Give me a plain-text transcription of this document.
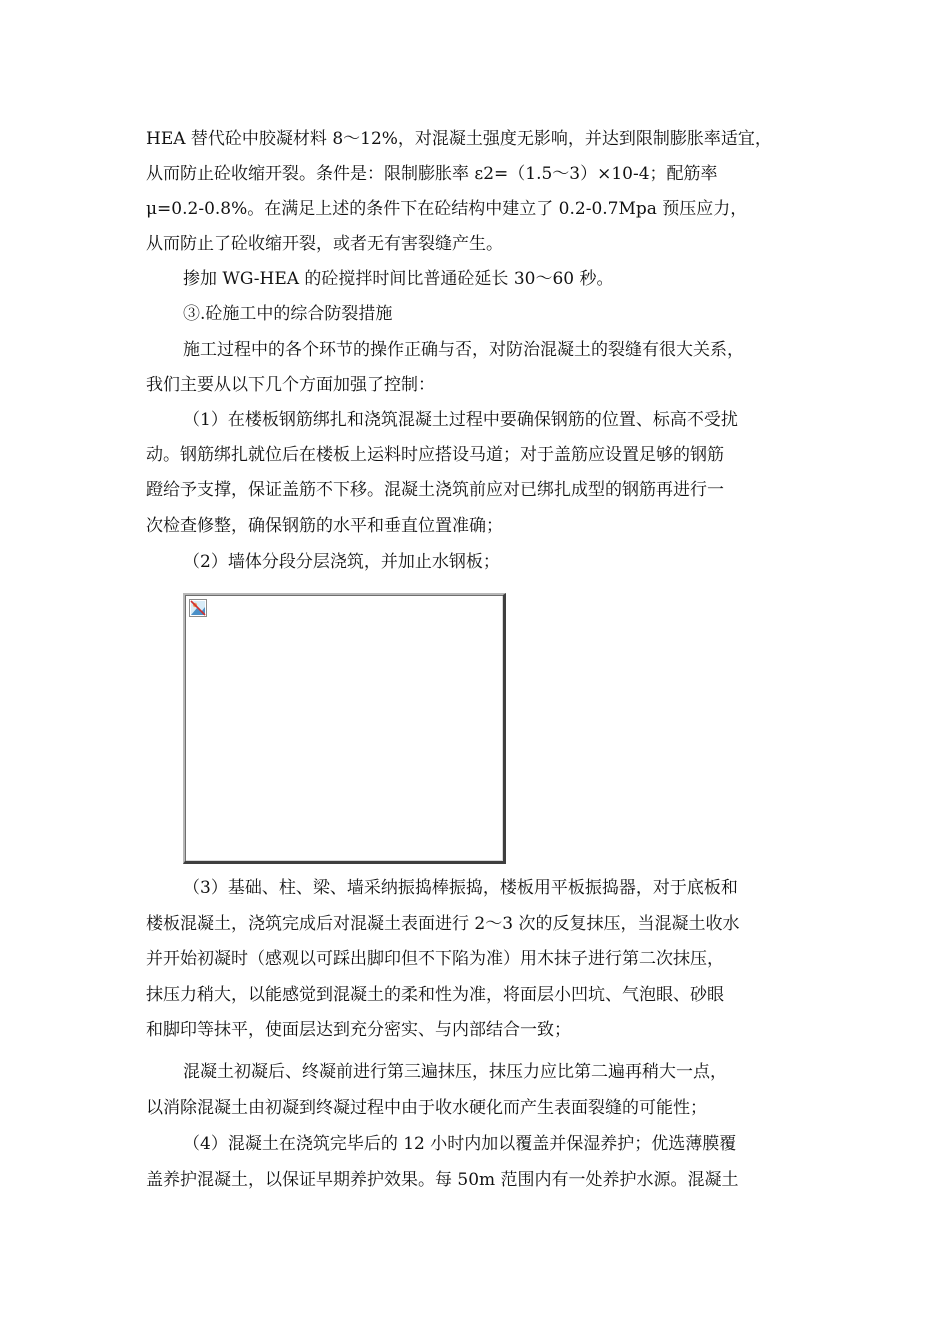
HEA 替代砼中胶凝材料 8～12%，对混凝土强度无影响，并达到限制膨胀率适宜，
从而防止砼收缩开裂。条件是：限制膨胀率 ε2=（1.5～3）×10-4；配筋率
μ=0.2-0.8%。在满足上述的条件下在砼结构中建立了 0.2-0.7Mpa 预压应力，
从而防止了砼收缩开裂，或者无有害裂缝产生。
掺加 WG-HEA 的砼搅拌时间比普通砼延长 30～60 秒。
③.砼施工中的综合防裂措施
施工过程中的各个环节的操作正确与否，对防治混凝土的裂缝有很大关系，
我们主要从以下几个方面加强了控制：
（1）在楼板钢筋绑扎和浇筑混凝土过程中要确保钢筋的位置、标高不受扰
动。钢筋绑扎就位后在楼板上运料时应搭设马道；对于盖筋应设置足够的钢筋
蹬给予支撑，保证盖筋不下移。混凝土浇筑前应对已绑扎成型的钢筋再进行一
次检查修整，确保钢筋的水平和垂直位置准确；
（2）墙体分段分层浇筑，并加止水钢板；
（3）基础、柱、梁、墙采纳振捣棒振捣，楼板用平板振捣器，对于底板和
楼板混凝土，浇筑完成后对混凝土表面进行 2～3 次的反复抹压，当混凝土收水
并开始初凝时（感观以可踩出脚印但不下陷为准）用木抹子进行第二次抹压，
抹压力稍大，以能感觉到混凝土的柔和性为准，将面层小凹坑、气泡眼、砂眼
和脚印等抹平，使面层达到充分密实、与内部结合一致；
混凝土初凝后、终凝前进行第三遍抹压，抹压力应比第二遍再稍大一点，
以消除混凝土由初凝到终凝过程中由于收水硬化而产生表面裂缝的可能性；
（4）混凝土在浇筑完毕后的 12 小时内加以覆盖并保湿养护；优选薄膜覆
盖养护混凝土，以保证早期养护效果。每 50m 范围内有一处养护水源。混凝土
